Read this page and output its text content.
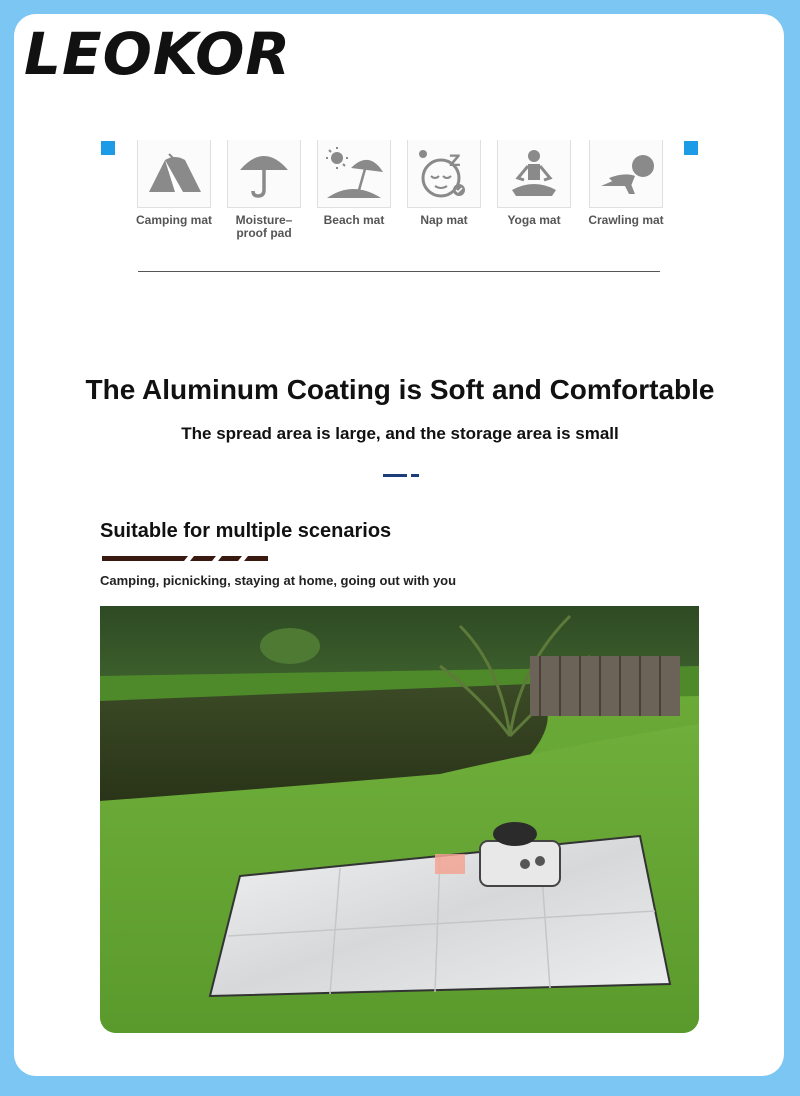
LEOKOR
Camping mat	Moisture–proof pad
Beach mat
Z
Nap mat	Yoga mat	Crawling mat
The Aluminum Coating is Soft and Comfortable
The spread area is large, and the storage area is small
Suitable for multiple scenarios
Camping, picnicking, staying at home, going out with you
